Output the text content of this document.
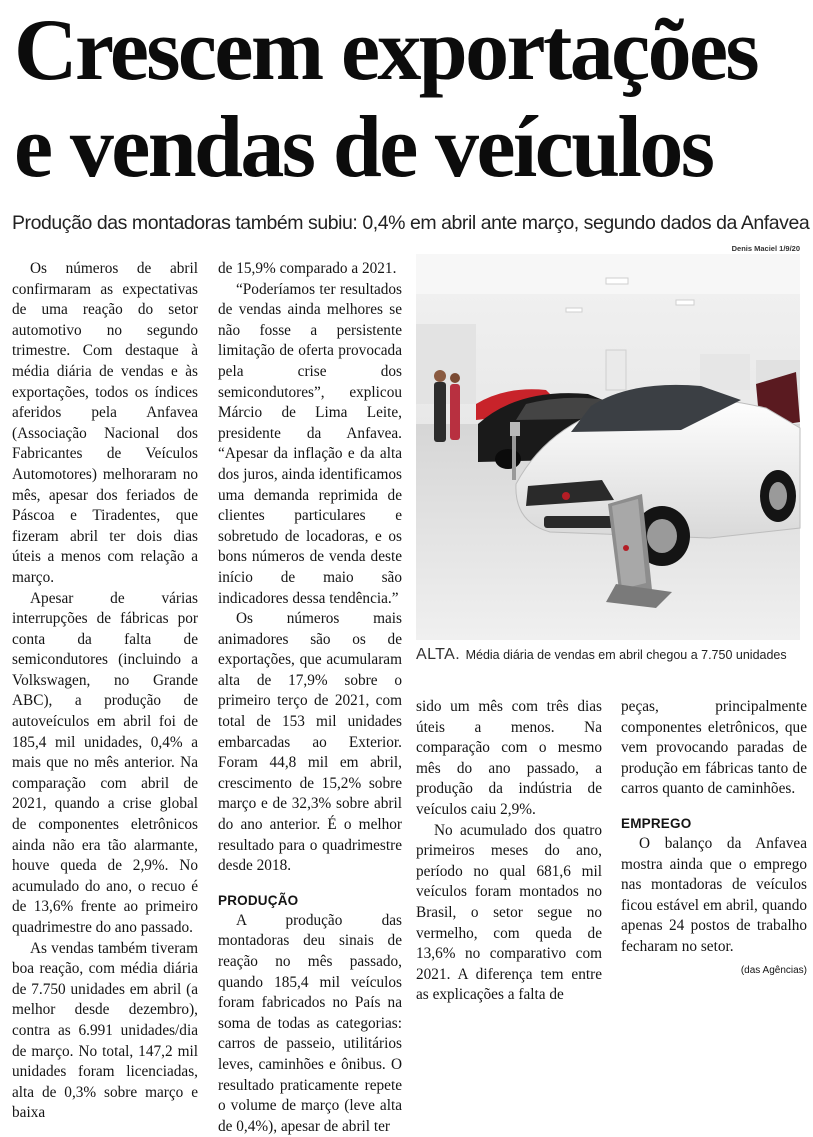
Crescem exportações
e vendas de veículos
Produção das montadoras também subiu: 0,4% em abril ante março, segundo dados da Anfavea
Denis Maciel 1/9/20

Os números de abril confirmaram as expectativas de uma reação do setor automotivo no segundo trimestre. Com destaque à média diária de vendas e às exportações, todos os índices aferidos pela Anfavea (Associação Nacional dos Fabricantes de Veículos Automotores) melhoraram no mês, apesar dos feriados de Páscoa e Tiradentes, que fizeram abril ter dois dias úteis a menos com relação a março.

Apesar de várias interrupções de fábricas por conta da falta de semicondutores (incluindo a Volkswagen, no Grande ABC), a produção de autoveículos em abril foi de 185,4 mil unidades, 0,4% a mais que no mês anterior. Na comparação com abril de 2021, quando a crise global de componentes eletrônicos ainda não era tão alarmante, houve queda de 2,9%. No acumulado do ano, o recuo é de 13,6% frente ao primeiro quadrimestre do ano passado.

As vendas também tiveram boa reação, com média diária de 7.750 unidades em abril (a melhor desde dezembro), contra as 6.991 unidades/dia de março. No total, 147,2 mil unidades foram licenciadas, alta de 0,3% sobre março e baixa

de 15,9% comparado a 2021.

“Poderíamos ter resultados de vendas ainda melhores se não fosse a persistente limitação de oferta provocada pela crise dos semicondutores”, explicou Márcio de Lima Leite, presidente da Anfavea. “Apesar da inflação e da alta dos juros, ainda identificamos uma demanda reprimida de clientes particulares e sobretudo de locadoras, e os bons números de venda deste início de maio são indicadores dessa tendência.”

Os números mais animadores são os de exportações, que acumularam alta de 17,9% sobre o primeiro terço de 2021, com total de 153 mil unidades embarcadas ao Exterior. Foram 44,8 mil em abril, crescimento de 15,2% sobre março e de 32,3% sobre abril do ano anterior. É o melhor resultado para o quadrimestre desde 2018.

PRODUÇÃO

A produção das montadoras deu sinais de reação no mês passado, quando 185,4 mil veículos foram fabricados no País na soma de todas as categorias: carros de passeio, utilitários leves, caminhões e ônibus. O resultado praticamente repete o volume de março (leve alta de 0,4%), apesar de abril ter

ALTA. Média diária de vendas em abril chegou a 7.750 unidades

sido um mês com três dias úteis a menos. Na comparação com o mesmo mês do ano passado, a produção da indústria de veículos caiu 2,9%.

No acumulado dos quatro primeiros meses do ano, período no qual 681,6 mil veículos foram montados no Brasil, o setor segue no vermelho, com queda de 13,6% no comparativo com 2021. A diferença tem entre as explicações a falta de

peças, principalmente componentes eletrônicos, que vem provocando paradas de produção em fábricas tanto de carros quanto de caminhões.

EMPREGO

O balanço da Anfavea mostra ainda que o emprego nas montadoras de veículos ficou estável em abril, quando apenas 24 postos de trabalho fecharam no setor.

(das Agências)
